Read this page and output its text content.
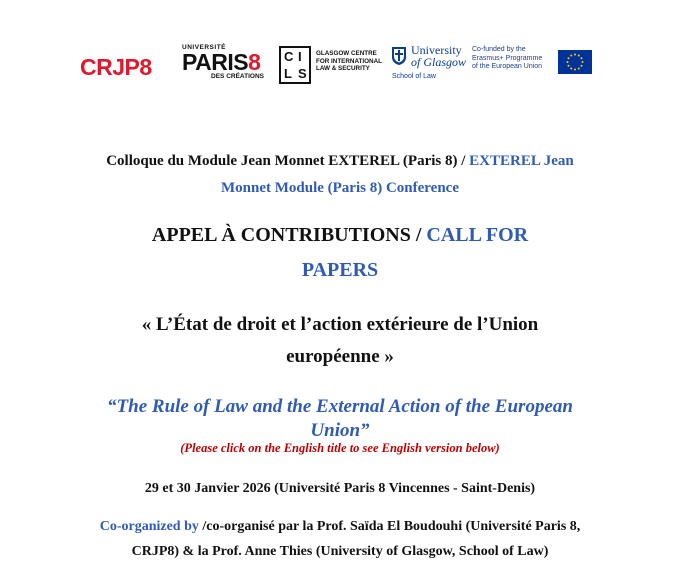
CRJP8
UNIVERSITÉ
PARIS8
DES CRÉATIONS
C I
L S
GLASGOW CENTRE FOR INTERNATIONAL LAW & SECURITY
University
of Glasgow
School of Law
Co-funded by the
Erasmus+ Programme
of the European Union
Colloque du Module Jean Monnet EXTEREL (Paris 8) / EXTEREL Jean
Monnet Module (Paris 8) Conference
APPEL À CONTRIBUTIONS / CALL FOR
PAPERS
« L’État de droit et l’action extérieure de l’Union
européenne »
“The Rule of Law and the External Action of the European
Union”
(Please click on the English title to see English version below)
29 et 30 Janvier 2026 (Université Paris 8 Vincennes - Saint-Denis)
Co-organized by /co-organisé par la Prof. Saïda El Boudouhi (Université Paris 8,
CRJP8) & la Prof. Anne Thies (University of Glasgow, School of Law)
